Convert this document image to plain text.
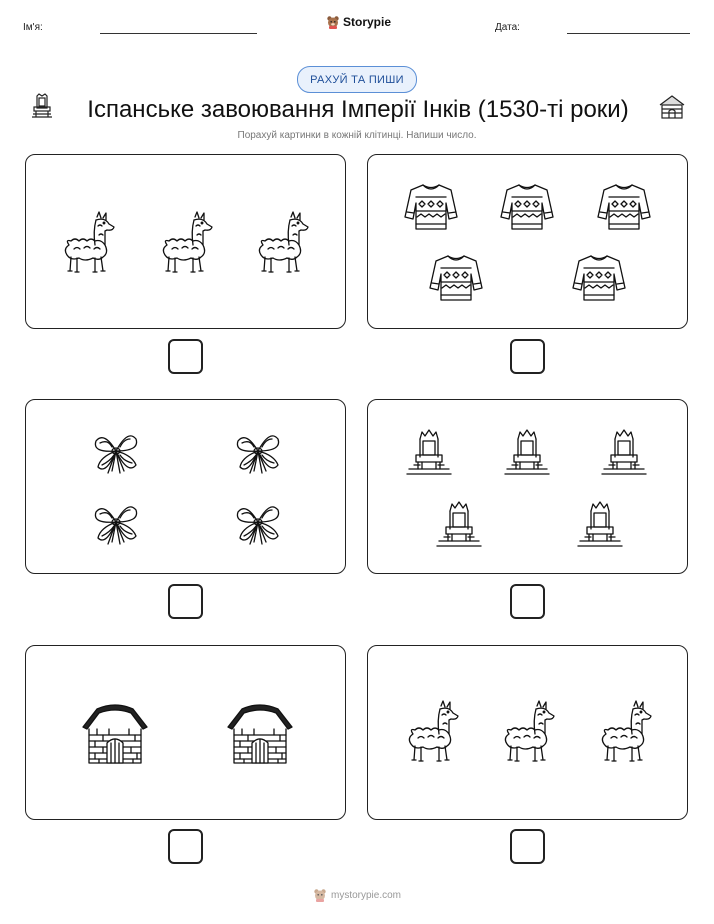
Ім'я:	Storypie	Дата:
РАХУЙ ТА ПИШИ
Іспанське завоювання Імперії Інків (1530-ті роки)
Порахуй картинки в кожній клітинці. Напиши число.
mystorypie.com
